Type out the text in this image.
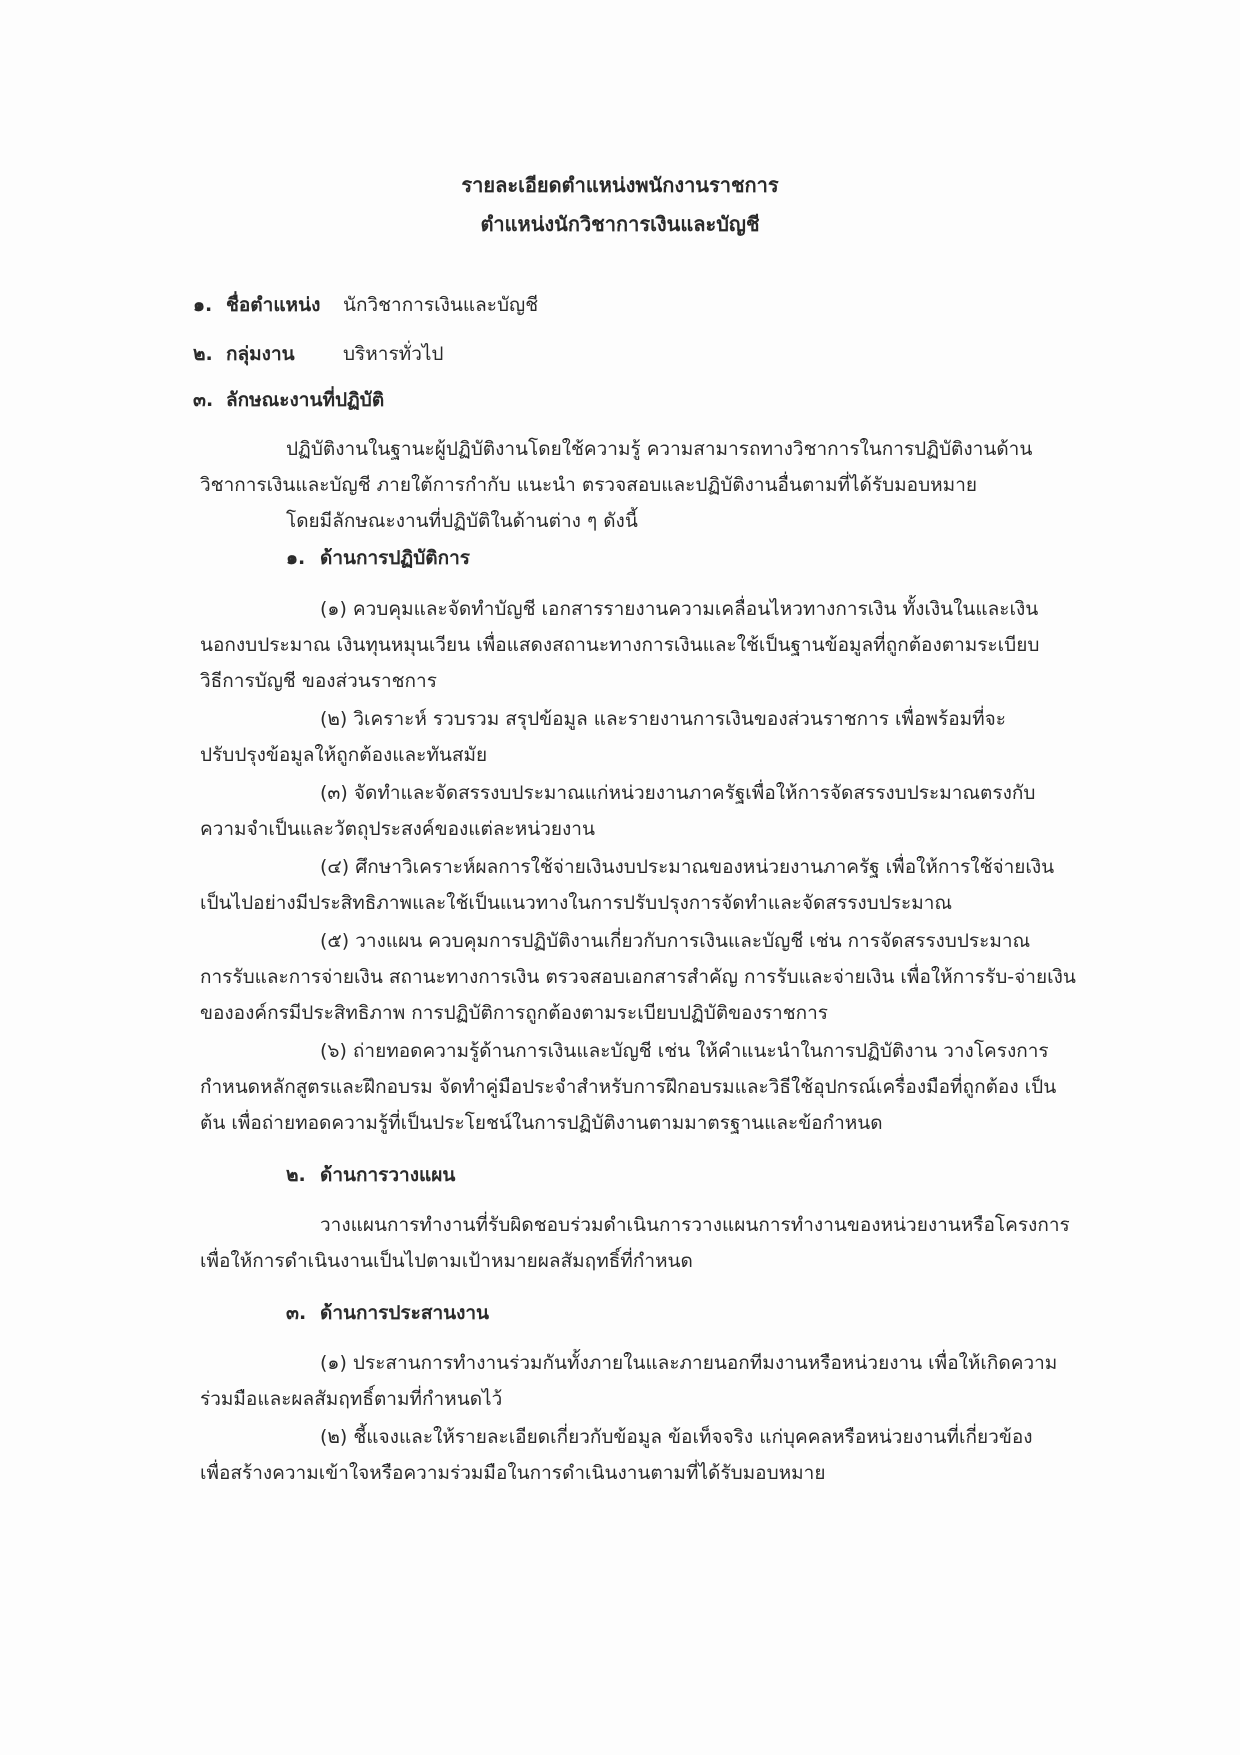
รายละเอียดตำแหน่งพนักงานราชการ
ตำแหน่งนักวิชาการเงินและบัญชี
๑. ชื่อตำแหน่ง นักวิชาการเงินและบัญชี
๒. กลุ่มงาน	บริหารทั่วไป
๓. ลักษณะงานที่ปฏิบัติ
ปฏิบัติงานในฐานะผู้ปฏิบัติงานโดยใช้ความรู้ ความสามารถทางวิชาการในการปฏิบัติงานด้าน
วิชาการเงินและบัญชี ภายใต้การกำกับ แนะนำ ตรวจสอบและปฏิบัติงานอื่นตามที่ได้รับมอบหมาย
โดยมีลักษณะงานที่ปฏิบัติในด้านต่าง ๆ ดังนี้
๑. ด้านการปฏิบัติการ
(๑) ควบคุมและจัดทำบัญชี เอกสารรายงานความเคลื่อนไหวทางการเงิน ทั้งเงินในและเงิน
นอกงบประมาณ เงินทุนหมุนเวียน เพื่อแสดงสถานะทางการเงินและใช้เป็นฐานข้อมูลที่ถูกต้องตามระเบียบ
วิธีการบัญชี ของส่วนราชการ
(๒) วิเคราะห์ รวบรวม สรุปข้อมูล และรายงานการเงินของส่วนราชการ เพื่อพร้อมที่จะ
ปรับปรุงข้อมูลให้ถูกต้องและทันสมัย
(๓) จัดทำและจัดสรรงบประมาณแก่หน่วยงานภาครัฐเพื่อให้การจัดสรรงบประมาณตรงกับ
ความจำเป็นและวัตถุประสงค์ของแต่ละหน่วยงาน
(๔) ศึกษาวิเคราะห์ผลการใช้จ่ายเงินงบประมาณของหน่วยงานภาครัฐ เพื่อให้การใช้จ่ายเงิน
เป็นไปอย่างมีประสิทธิภาพและใช้เป็นแนวทางในการปรับปรุงการจัดทำและจัดสรรงบประมาณ
(๕) วางแผน ควบคุมการปฏิบัติงานเกี่ยวกับการเงินและบัญชี เช่น การจัดสรรงบประมาณ
การรับและการจ่ายเงิน สถานะทางการเงิน ตรวจสอบเอกสารสำคัญ การรับและจ่ายเงิน เพื่อให้การรับ-จ่ายเงิน
ขององค์กรมีประสิทธิภาพ การปฏิบัติการถูกต้องตามระเบียบปฏิบัติของราชการ
(๖) ถ่ายทอดความรู้ด้านการเงินและบัญชี เช่น ให้คำแนะนำในการปฏิบัติงาน วางโครงการ
กำหนดหลักสูตรและฝึกอบรม จัดทำคู่มือประจำสำหรับการฝึกอบรมและวิธีใช้อุปกรณ์เครื่องมือที่ถูกต้อง เป็น
ต้น เพื่อถ่ายทอดความรู้ที่เป็นประโยชน์ในการปฏิบัติงานตามมาตรฐานและข้อกำหนด
๒. ด้านการวางแผน
วางแผนการทำงานที่รับผิดชอบร่วมดำเนินการวางแผนการทำงานของหน่วยงานหรือโครงการ
เพื่อให้การดำเนินงานเป็นไปตามเป้าหมายผลสัมฤทธิ์ที่กำหนด
๓. ด้านการประสานงาน
(๑) ประสานการทำงานร่วมกันทั้งภายในและภายนอกทีมงานหรือหน่วยงาน เพื่อให้เกิดความ
ร่วมมือและผลสัมฤทธิ์ตามที่กำหนดไว้
(๒) ชี้แจงและให้รายละเอียดเกี่ยวกับข้อมูล ข้อเท็จจริง แก่บุคคลหรือหน่วยงานที่เกี่ยวข้อง
เพื่อสร้างความเข้าใจหรือความร่วมมือในการดำเนินงานตามที่ได้รับมอบหมาย
